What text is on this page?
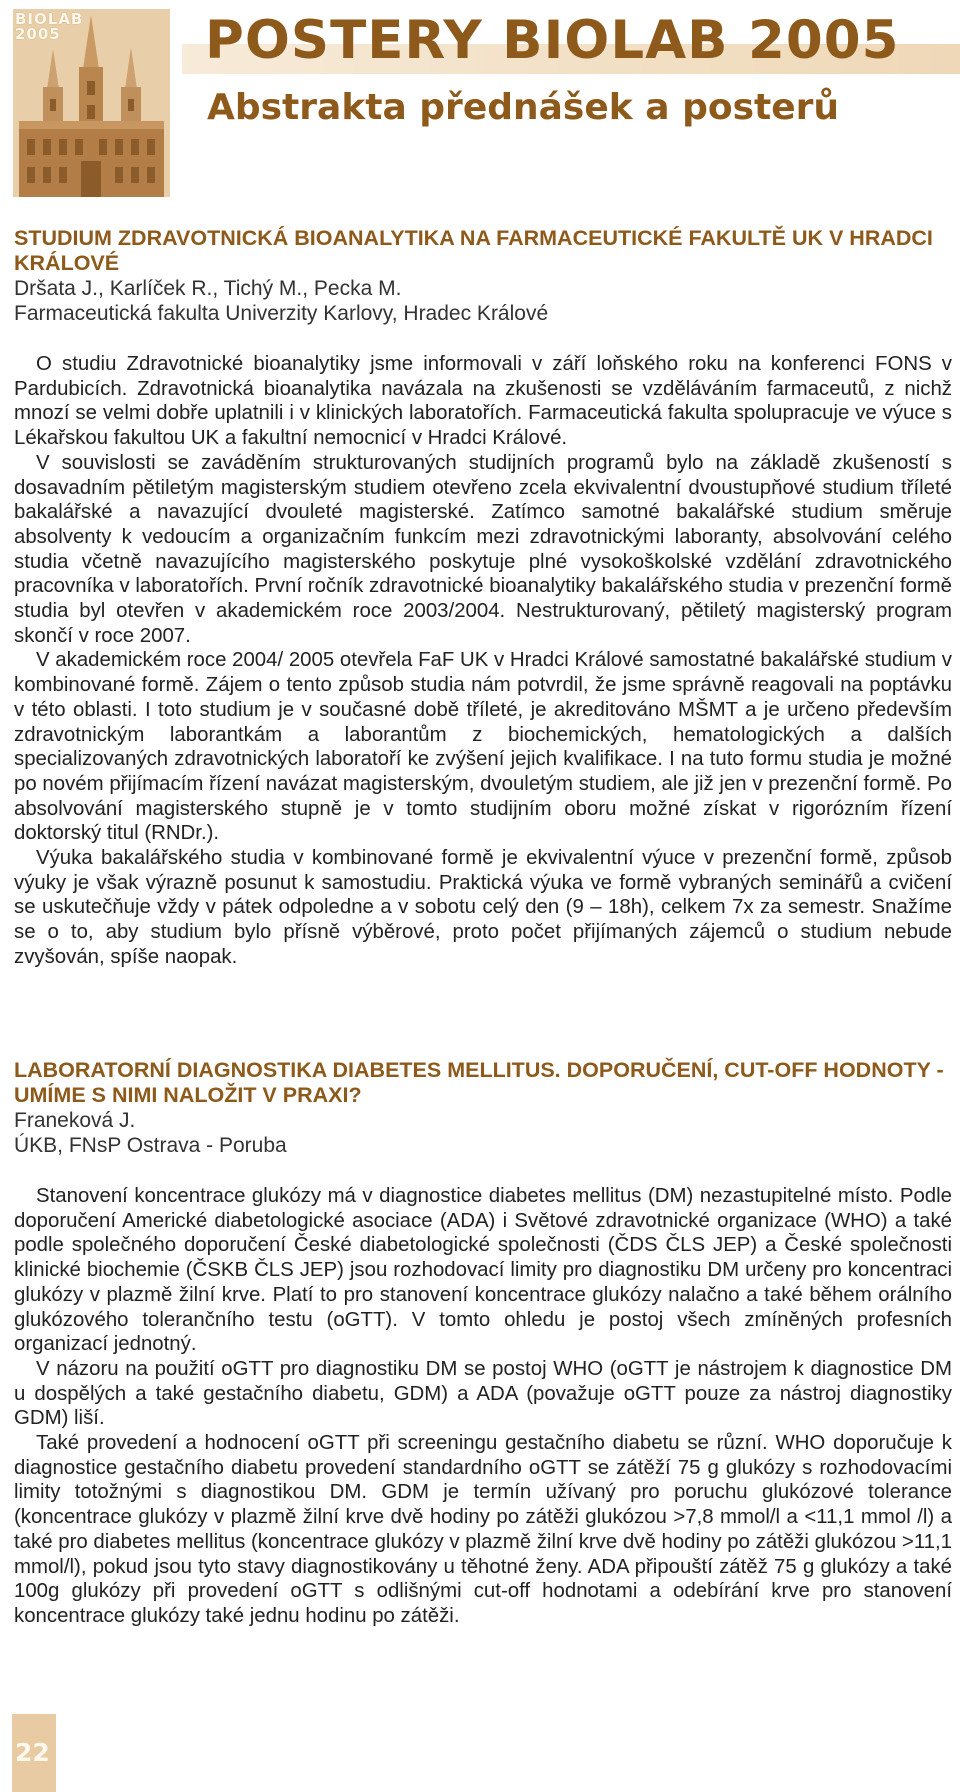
BIOLAB
2005	POSTERY BIOLAB 2005
Abstrakta přednášek a posterů
STUDIUM ZDRAVOTNICKÁ BIOANALYTIKA NA FARMACEUTICKÉ FAKULTĚ UK V HRADCI KRÁLOVÉ
Dršata J., Karlíček R., Tichý M., Pecka M.
Farmaceutická fakulta Univerzity Karlovy, Hradec Králové

O studiu Zdravotnické bioanalytiky jsme informovali v září loňského roku na konferenci FONS v Pardubicích. Zdravotnická bioanalytika navázala na zkušenosti se vzděláváním farmaceutů, z nichž mnozí se velmi dobře uplatnili i v klinických laboratořích. Farmaceutická fakulta spolupracuje ve výuce s Lékařskou fakultou UK a fakultní nemocnicí v Hradci Králové.

V souvislosti se zaváděním strukturovaných studijních programů bylo na základě zkušeností s dosavadním pětiletým magisterským studiem otevřeno zcela ekvivalentní dvoustupňové studium tříleté bakalářské a navazující dvouleté magisterské. Zatímco samotné bakalářské studium směruje absolventy k vedoucím a organizačním funkcím mezi zdravotnickými laboranty, absolvování celého studia včetně navazujícího magisterského poskytuje plné vysokoškolské vzdělání zdravotnického pracovníka v laboratořích. První ročník zdravotnické bioanalytiky bakalářského studia v prezenční formě studia byl otevřen v akademickém roce 2003/2004. Nestrukturovaný, pětiletý magisterský program skončí v roce 2007.

V akademickém roce 2004/ 2005 otevřela FaF UK v Hradci Králové samostatné bakalářské studium v kombinované formě. Zájem o tento způsob studia nám potvrdil, že jsme správně reagovali na poptávku v této oblasti. I toto studium je v současné době tříleté, je akreditováno MŠMT a je určeno především zdravotnickým laborantkám a laborantům z biochemických, hematologických a dalších specializovaných zdravotnických laboratoří ke zvýšení jejich kvalifikace. I na tuto formu studia je možné po novém přijímacím řízení navázat magisterským, dvouletým studiem, ale již jen v prezenční formě. Po absolvování magisterského stupně je v tomto studijním oboru možné získat v rigorózním řízení doktorský titul (RNDr.).

Výuka bakalářského studia v kombinované formě je ekvivalentní výuce v prezenční formě, způsob výuky je však výrazně posunut k samostudiu. Praktická výuka ve formě vybraných seminářů a cvičení se uskutečňuje vždy v pátek odpoledne a v sobotu celý den (9 – 18h), celkem 7x za semestr. Snažíme se o to, aby studium bylo přísně výběrové, proto počet přijímaných zájemců o studium nebude zvyšován, spíše naopak.

LABORATORNÍ DIAGNOSTIKA DIABETES MELLITUS. DOPORUČENÍ, CUT-OFF HODNOTY - UMÍME S NIMI NALOŽIT V PRAXI?
Franeková J.
ÚKB, FNsP Ostrava - Poruba

Stanovení koncentrace glukózy má v diagnostice diabetes mellitus (DM) nezastupitelné místo. Podle doporučení Americké diabetologické asociace (ADA) i Světové zdravotnické organizace (WHO) a také podle společného doporučení České diabetologické společnosti (ČDS ČLS JEP) a České společnosti klinické biochemie (ČSKB ČLS JEP) jsou rozhodovací limity pro diagnostiku DM určeny pro koncentraci glukózy v plazmě žilní krve. Platí to pro stanovení koncentrace glukózy nalačno a také během orálního glukózového tolerančního testu (oGTT). V tomto ohledu je postoj všech zmíněných profesních organizací jednotný.

V názoru na použití oGTT pro diagnostiku DM se postoj WHO (oGTT je nástrojem k diagnostice DM u dospělých a také gestačního diabetu, GDM) a ADA (považuje oGTT pouze za nástroj diagnostiky GDM) liší.

Také provedení a hodnocení oGTT při screeningu gestačního diabetu se různí. WHO doporučuje k diagnostice gestačního diabetu provedení standardního oGTT se zátěží 75 g glukózy s rozhodovacími limity totožnými s diagnostikou DM. GDM je termín užívaný pro poruchu glukózové tolerance (koncentrace glukózy v plazmě žilní krve dvě hodiny po zátěži glukózou >7,8 mmol/l a <11,1 mmol /l) a také pro diabetes mellitus (koncentrace glukózy v plazmě žilní krve dvě hodiny po zátěži glukózou >11,1 mmol/l), pokud jsou tyto stavy diagnostikovány u těhotné ženy. ADA připouští zátěž 75 g glukózy a také 100g glukózy při provedení oGTT s odlišnými cut-off hodnotami a odebírání krve pro stanovení koncentrace glukózy také jednu hodinu po zátěži.

22
